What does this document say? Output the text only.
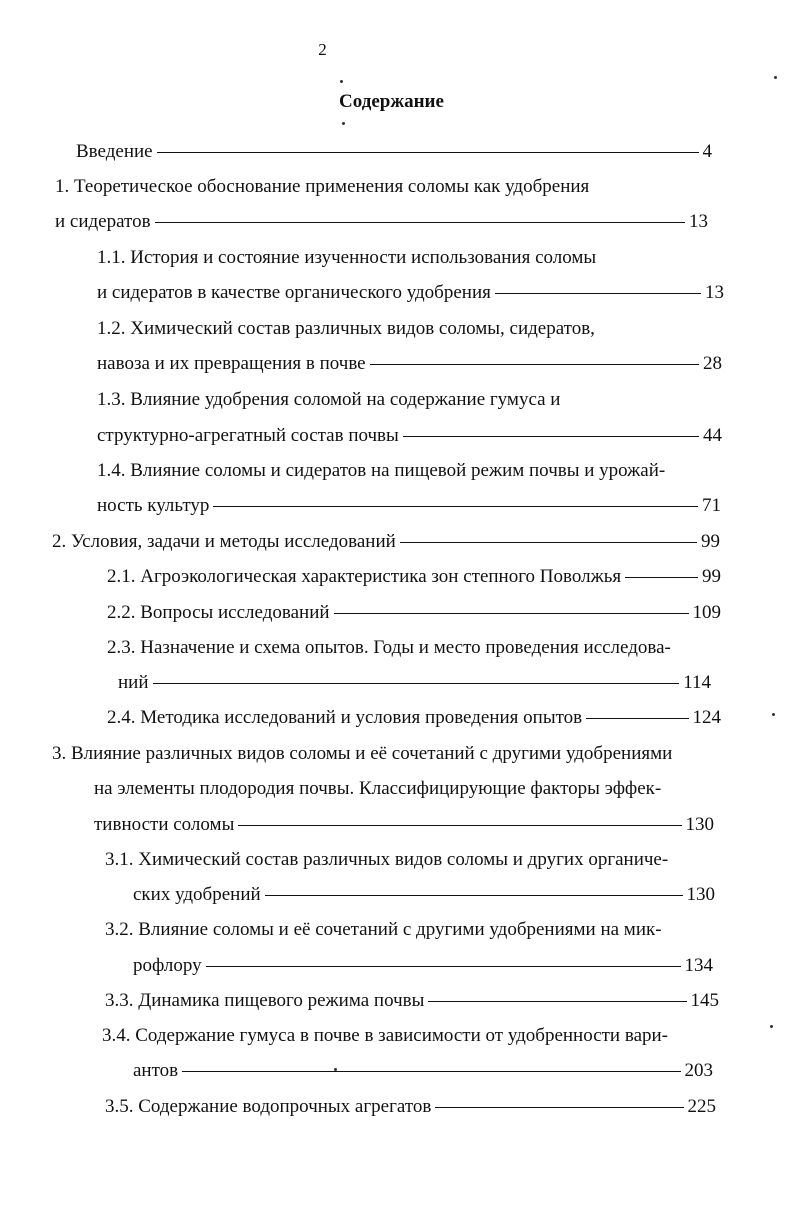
2
Содержание
Введение	4
1. Теоретическое обоснование применения соломы как удобрения
и сидератов	13
1.1. История и состояние изученности использования соломы
и сидератов в качестве органического удобрения	13
1.2. Химический состав различных видов соломы, сидератов,
навоза и их превращения в почве	28
1.3. Влияние удобрения соломой на содержание гумуса и
структурно-агрегатный состав почвы	44
1.4. Влияние соломы и сидератов на пищевой режим почвы и урожай-
ность культур	71
2. Условия, задачи и методы исследований	99
2.1. Агроэкологическая характеристика зон степного Поволжья	99
2.2. Вопросы исследований	109
2.3. Назначение и схема опытов. Годы и место проведения исследова-
ний	114
2.4. Методика исследований и условия проведения опытов	124
3. Влияние различных видов соломы и её сочетаний с другими удобрениями
на элементы плодородия почвы. Классифицирующие факторы эффек-
тивности соломы	130
3.1. Химический состав различных видов соломы и других органиче-
ских удобрений	130
3.2. Влияние соломы и её сочетаний с другими удобрениями на мик-
рофлору	134
3.3. Динамика пищевого режима почвы	145
3.4. Содержание гумуса в почве в зависимости от удобренности вари-
антов	203
3.5. Содержание водопрочных агрегатов	225
